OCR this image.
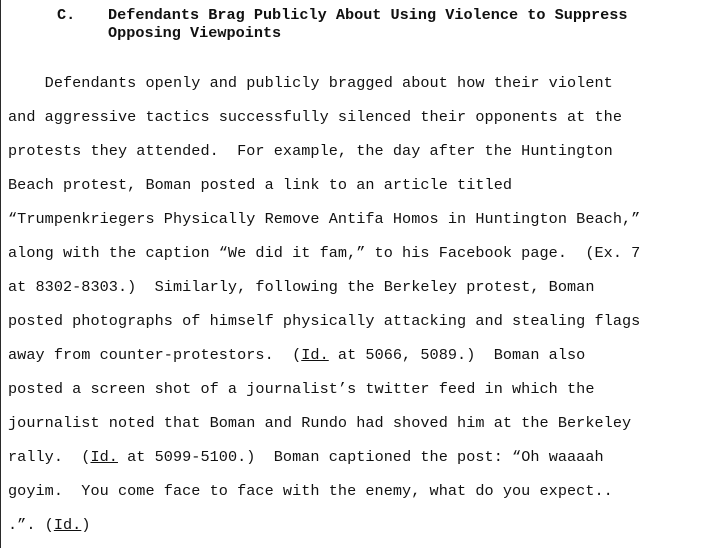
C. Defendants Brag Publicly About Using Violence to Suppress
Opposing Viewpoints

Defendants openly and publicly bragged about how their violent

and aggressive tactics successfully silenced their opponents at the

protests they attended.  For example, the day after the Huntington

Beach protest, Boman posted a link to an article titled

“Trumpenkriegers Physically Remove Antifa Homos in Huntington Beach,”

along with the caption “We did it fam,” to his Facebook page.  (Ex. 7

at 8302-8303.)  Similarly, following the Berkeley protest, Boman

posted photographs of himself physically attacking and stealing flags

away from counter-protestors.  (Id. at 5066, 5089.)  Boman also

posted a screen shot of a journalist’s twitter feed in which the

journalist noted that Boman and Rundo had shoved him at the Berkeley

rally.  (Id. at 5099-5100.)  Boman captioned the post: “Oh waaaah

goyim.  You come face to face with the enemy, what do you expect..

.”. (Id.)
